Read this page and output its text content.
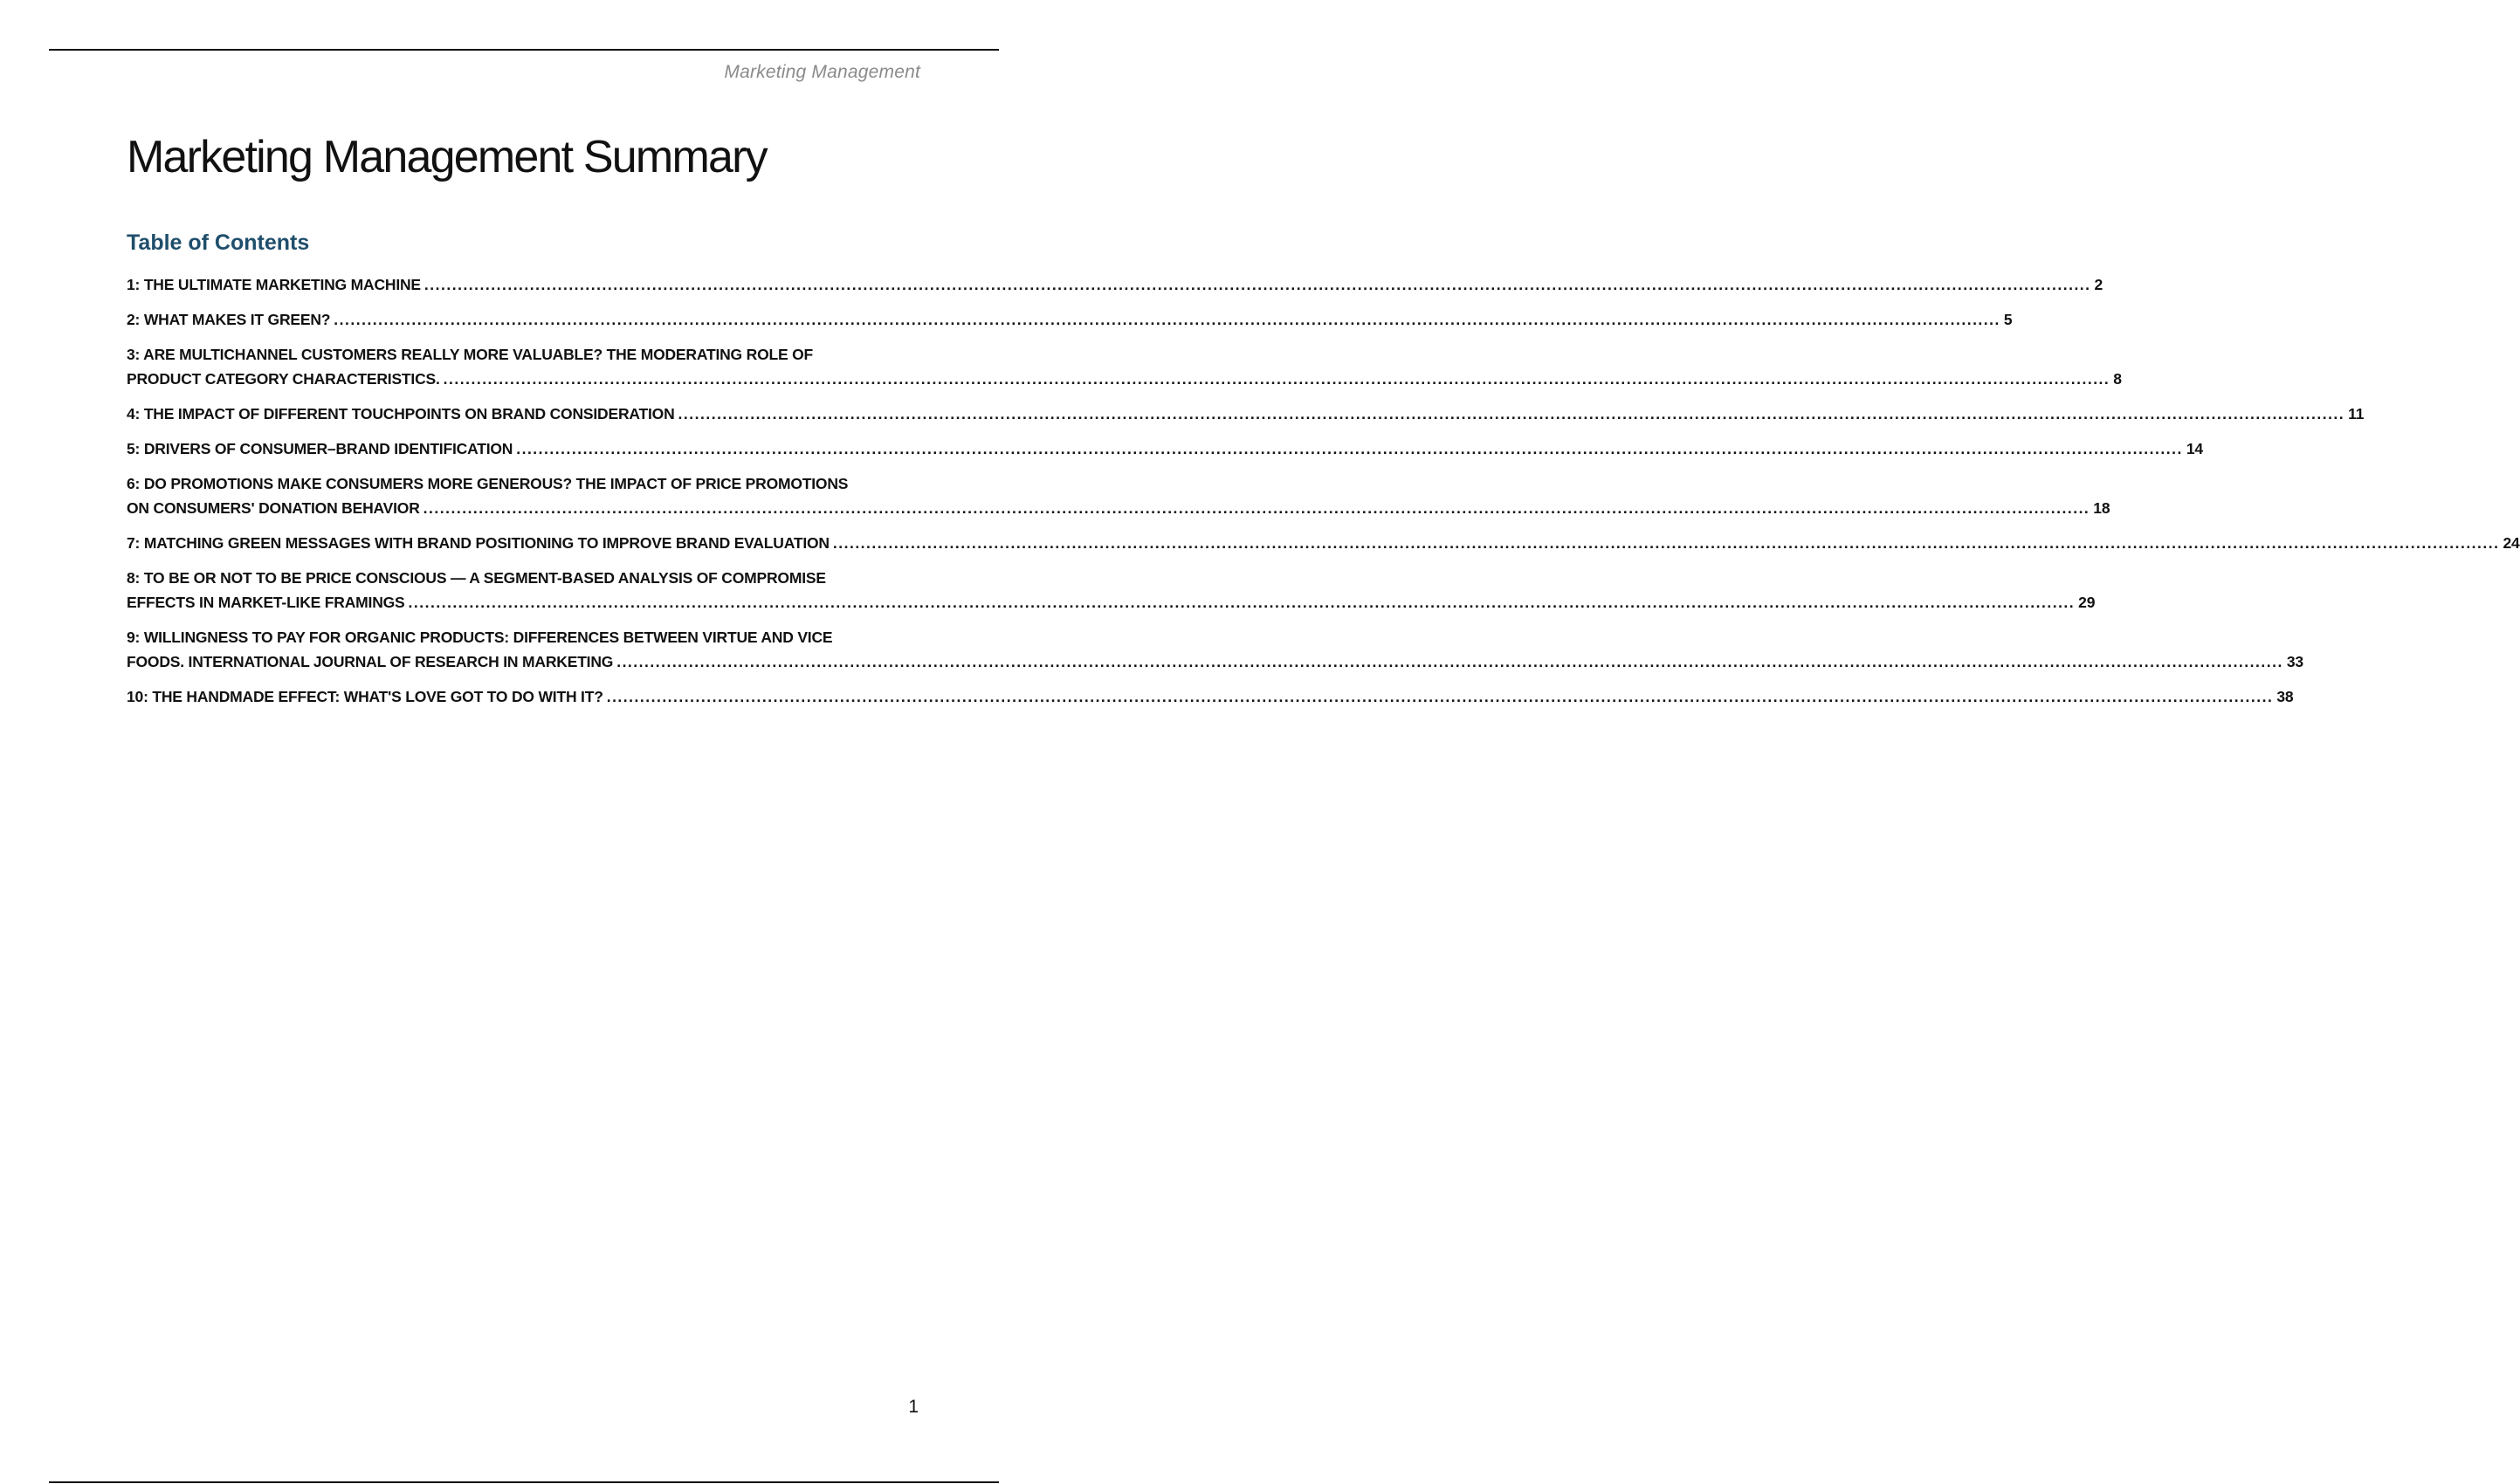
Marketing Management
Marketing Management Summary
Table of Contents
1: THE ULTIMATE MARKETING MACHINE ............................................................................................................................................................................................................................................................................................................ 2
2: WHAT MAKES IT GREEN? ............................................................................................................................................................................................................................................................................................................ 5
3: ARE MULTICHANNEL CUSTOMERS REALLY MORE VALUABLE? THE MODERATING ROLE OF
PRODUCT CATEGORY CHARACTERISTICS. ............................................................................................................................................................................................................................................................................................................ 8
4: THE IMPACT OF DIFFERENT TOUCHPOINTS ON BRAND CONSIDERATION ............................................................................................................................................................................................................................................................................................................ 11
5: DRIVERS OF CONSUMER–BRAND IDENTIFICATION ............................................................................................................................................................................................................................................................................................................ 14
6: DO PROMOTIONS MAKE CONSUMERS MORE GENEROUS? THE IMPACT OF PRICE PROMOTIONS
ON CONSUMERS' DONATION BEHAVIOR ............................................................................................................................................................................................................................................................................................................ 18
7: MATCHING GREEN MESSAGES WITH BRAND POSITIONING TO IMPROVE BRAND EVALUATION ............................................................................................................................................................................................................................................................................................................ 24
8: TO BE OR NOT TO BE PRICE CONSCIOUS — A SEGMENT-BASED ANALYSIS OF COMPROMISE
EFFECTS IN MARKET-LIKE FRAMINGS ............................................................................................................................................................................................................................................................................................................ 29
9: WILLINGNESS TO PAY FOR ORGANIC PRODUCTS: DIFFERENCES BETWEEN VIRTUE AND VICE
FOODS. INTERNATIONAL JOURNAL OF RESEARCH IN MARKETING ............................................................................................................................................................................................................................................................................................................ 33
10: THE HANDMADE EFFECT: WHAT'S LOVE GOT TO DO WITH IT? ............................................................................................................................................................................................................................................................................................................ 38
1
